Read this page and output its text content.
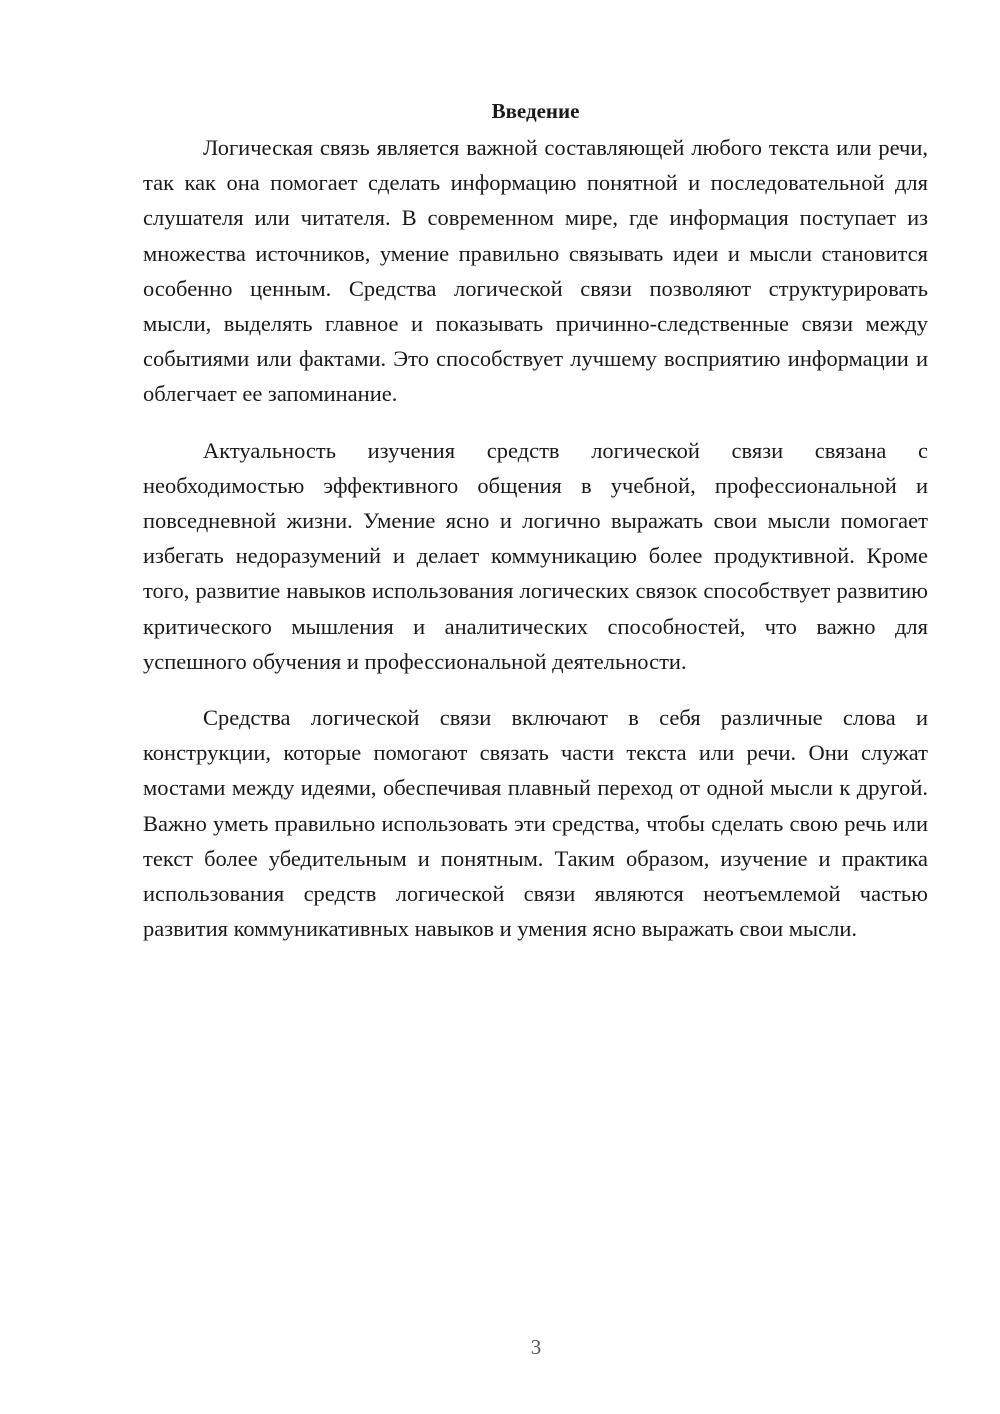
Введение

Логическая связь является важной составляющей любого текста или речи, так как она помогает сделать информацию понятной и последовательной для слушателя или читателя. В современном мире, где информация поступает из множества источников, умение правильно связывать идеи и мысли становится особенно ценным. Средства логической связи позволяют структурировать мысли, выделять главное и показывать причинно-следственные связи между событиями или фактами. Это способствует лучшему восприятию информации и облегчает ее запоминание.

Актуальность изучения средств логической связи связана с необходимостью эффективного общения в учебной, профессиональной и повседневной жизни. Умение ясно и логично выражать свои мысли помогает избегать недоразумений и делает коммуникацию более продуктивной. Кроме того, развитие навыков использования логических связок способствует развитию критического мышления и аналитических способностей, что важно для успешного обучения и профессиональной деятельности.

Средства логической связи включают в себя различные слова и конструкции, которые помогают связать части текста или речи. Они служат мостами между идеями, обеспечивая плавный переход от одной мысли к другой. Важно уметь правильно использовать эти средства, чтобы сделать свою речь или текст более убедительным и понятным. Таким образом, изучение и практика использования средств логической связи являются неотъемлемой частью развития коммуникативных навыков и умения ясно выражать свои мысли.

3
